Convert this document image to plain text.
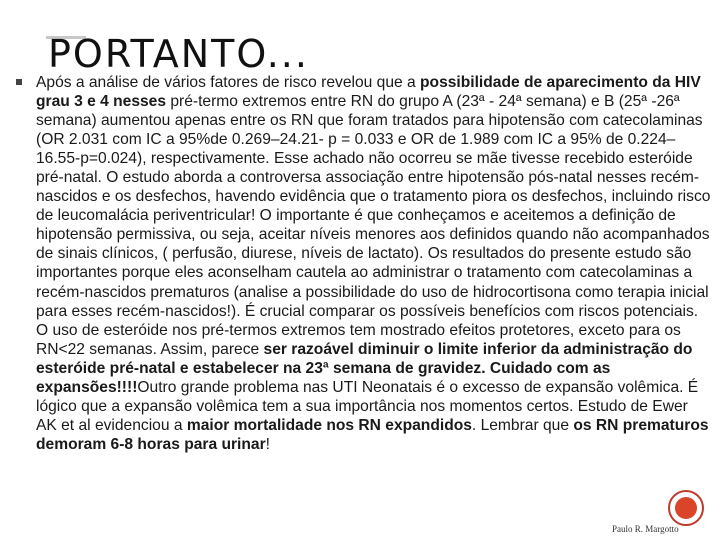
PORTANTO...

Após a análise de vários fatores de risco revelou que a possibilidade de aparecimento da HIV grau 3 e 4 nesses pré-termo extremos entre RN do grupo A (23ª - 24ª semana) e B (25ª -26ª semana) aumentou apenas entre os RN que foram tratados para hipotensão com catecolaminas (OR 2.031 com IC a 95%de 0.269–24.21- p = 0.033 e OR de 1.989 com IC a 95% de 0.224–16.55-p=0.024), respectivamente. Esse achado não ocorreu se mãe tivesse recebido esteróide pré-natal. O estudo aborda a controversa associação entre hipotensão pós-natal nesses recém-nascidos e os desfechos, havendo evidência que o tratamento piora os desfechos, incluindo risco de leucomalácia periventricular! O importante é que conheçamos e aceitemos a definição de hipotensão permissiva, ou seja, aceitar níveis menores aos definidos quando não acompanhados de sinais clínicos, ( perfusão, diurese, níveis de lactato). Os resultados do presente estudo são importantes porque eles aconselham cautela ao administrar o tratamento com catecolaminas a recém-nascidos prematuros (analise a possibilidade do uso de hidrocortisona como terapia inicial para esses recém-nascidos!). É crucial comparar os possíveis benefícios com riscos potenciais. O uso de esteróide nos pré-termos extremos tem mostrado efeitos protetores, exceto para os RN<22 semanas. Assim, parece ser razoável diminuir o limite inferior da administração do esteróide pré-natal e estabelecer na 23ª semana de gravidez. Cuidado com as expansões!!!!Outro grande problema nas UTI Neonatais é o excesso de expansão volêmica. É lógico que a expansão volêmica tem a sua importância nos momentos certos. Estudo de Ewer AK et al evidenciou a maior mortalidade nos RN expandidos. Lembrar que os RN prematuros demoram 6-8 horas para urinar!

Paulo R. Margotto
